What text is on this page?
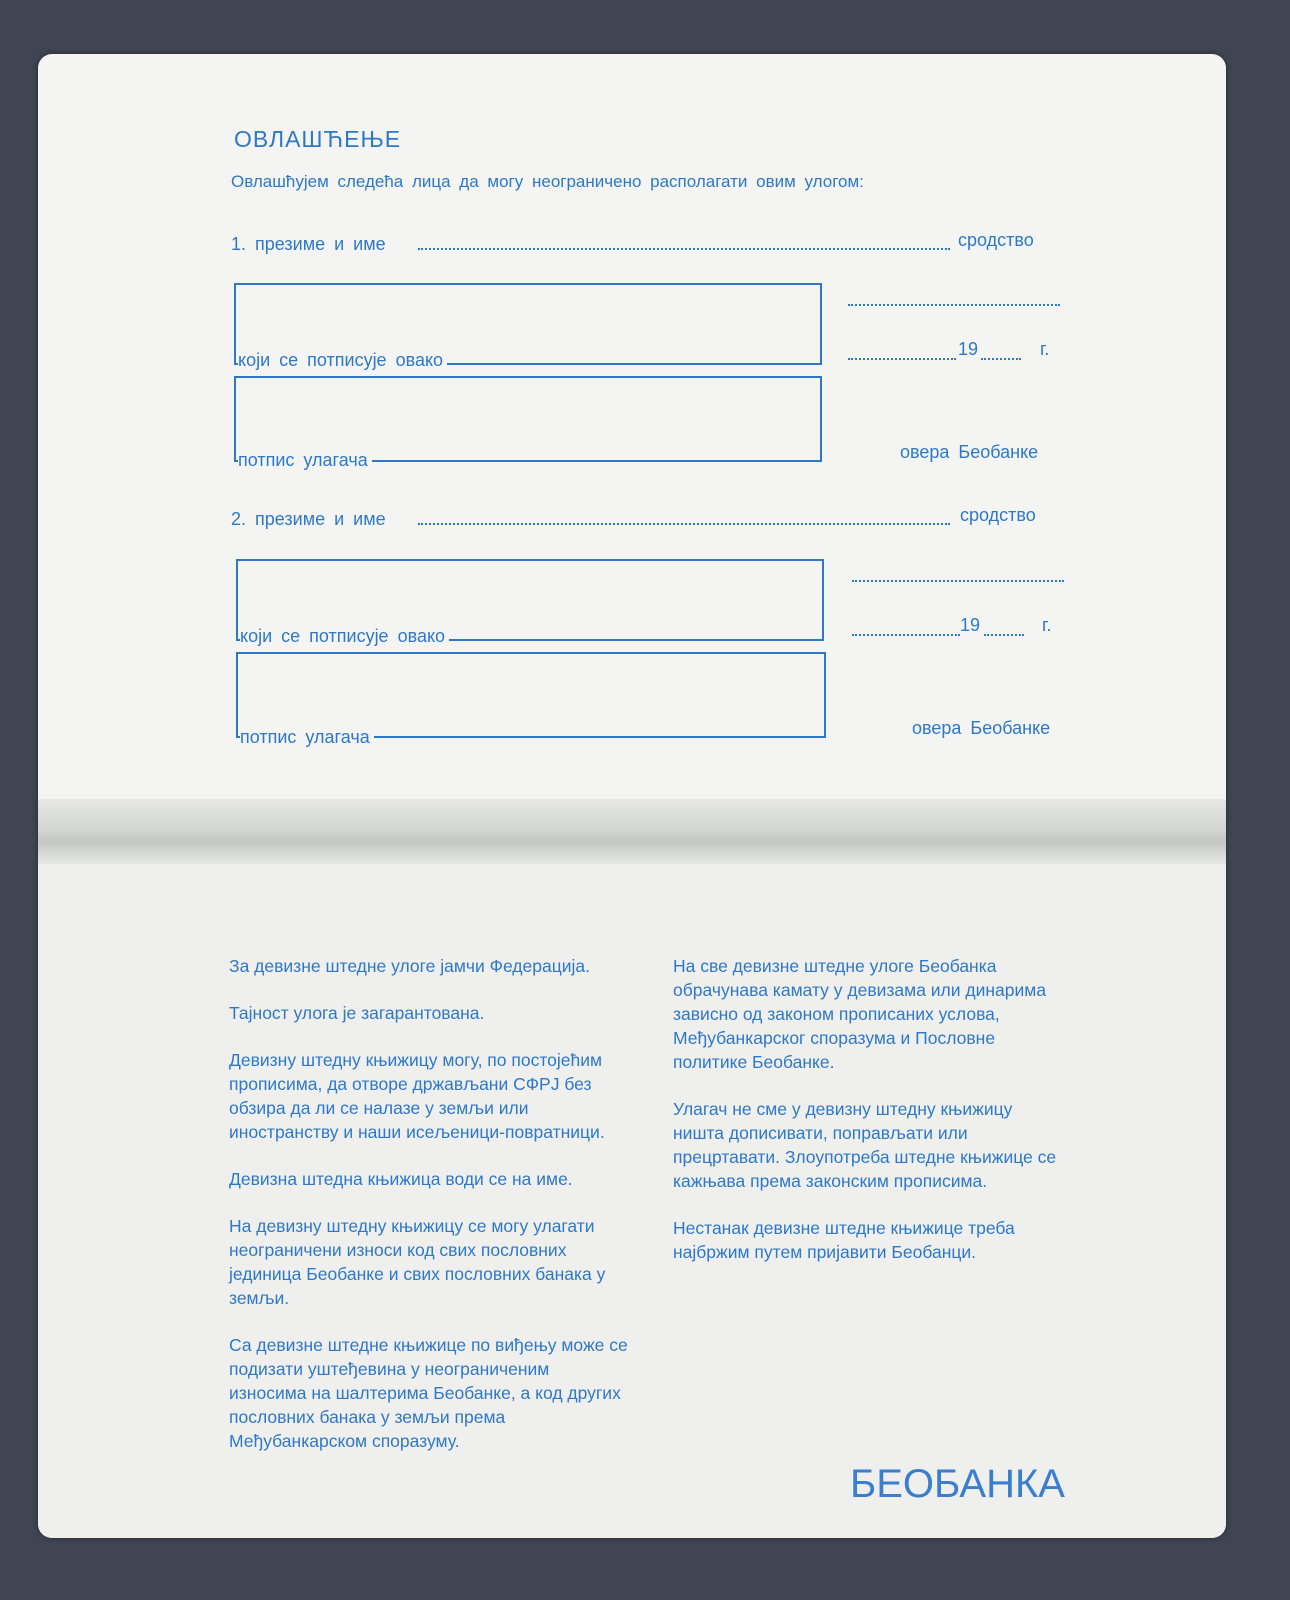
ОВЛАШЋЕЊЕ
Овлашћујем следећа лица да могу неограничено располагати овим улогом:
1. презиме и име	сродство
који се потписује овако
19	г.
потпис улагача	овера Беобанке
2. презиме и име	сродство
који се потписује овако
19	г.
потпис улагача	овера Беобанке

За девизне штедне улоге јамчи Федерација.

Тајност улога је загарантована.

Девизну штедну књижицу могу, по постојећим прописима, да отворе држављани СФРЈ без обзира да ли се налазе у земљи или иностранству и наши исељеници-повратници.

Девизна штедна књижица води се на име.

На девизну штедну књижицу се могу улагати неограничени износи код свих пословних јединица Беобанке и свих пословних банака у земљи.

Са девизне штедне књижице по виђењу може се подизати уштеђевина у неограниченим износима на шалтерима Беобанке, а код других пословних банака у земљи према Међубанкарском споразуму.

На све девизне штедне улоге Беобанка обрачунава камату у девизама или динарима зависно од законом прописаних услова, Међубанкарског споразума и Пословне политике Беобанке.

Улагач не сме у девизну штедну књижицу ништа дописивати, поправљати или прецртавати. Злоупотреба штедне књижице се кажњава према законским прописима.

Нестанак девизне штедне књижице треба најбржим путем пријавити Беобанци.

БЕОБАНКА
